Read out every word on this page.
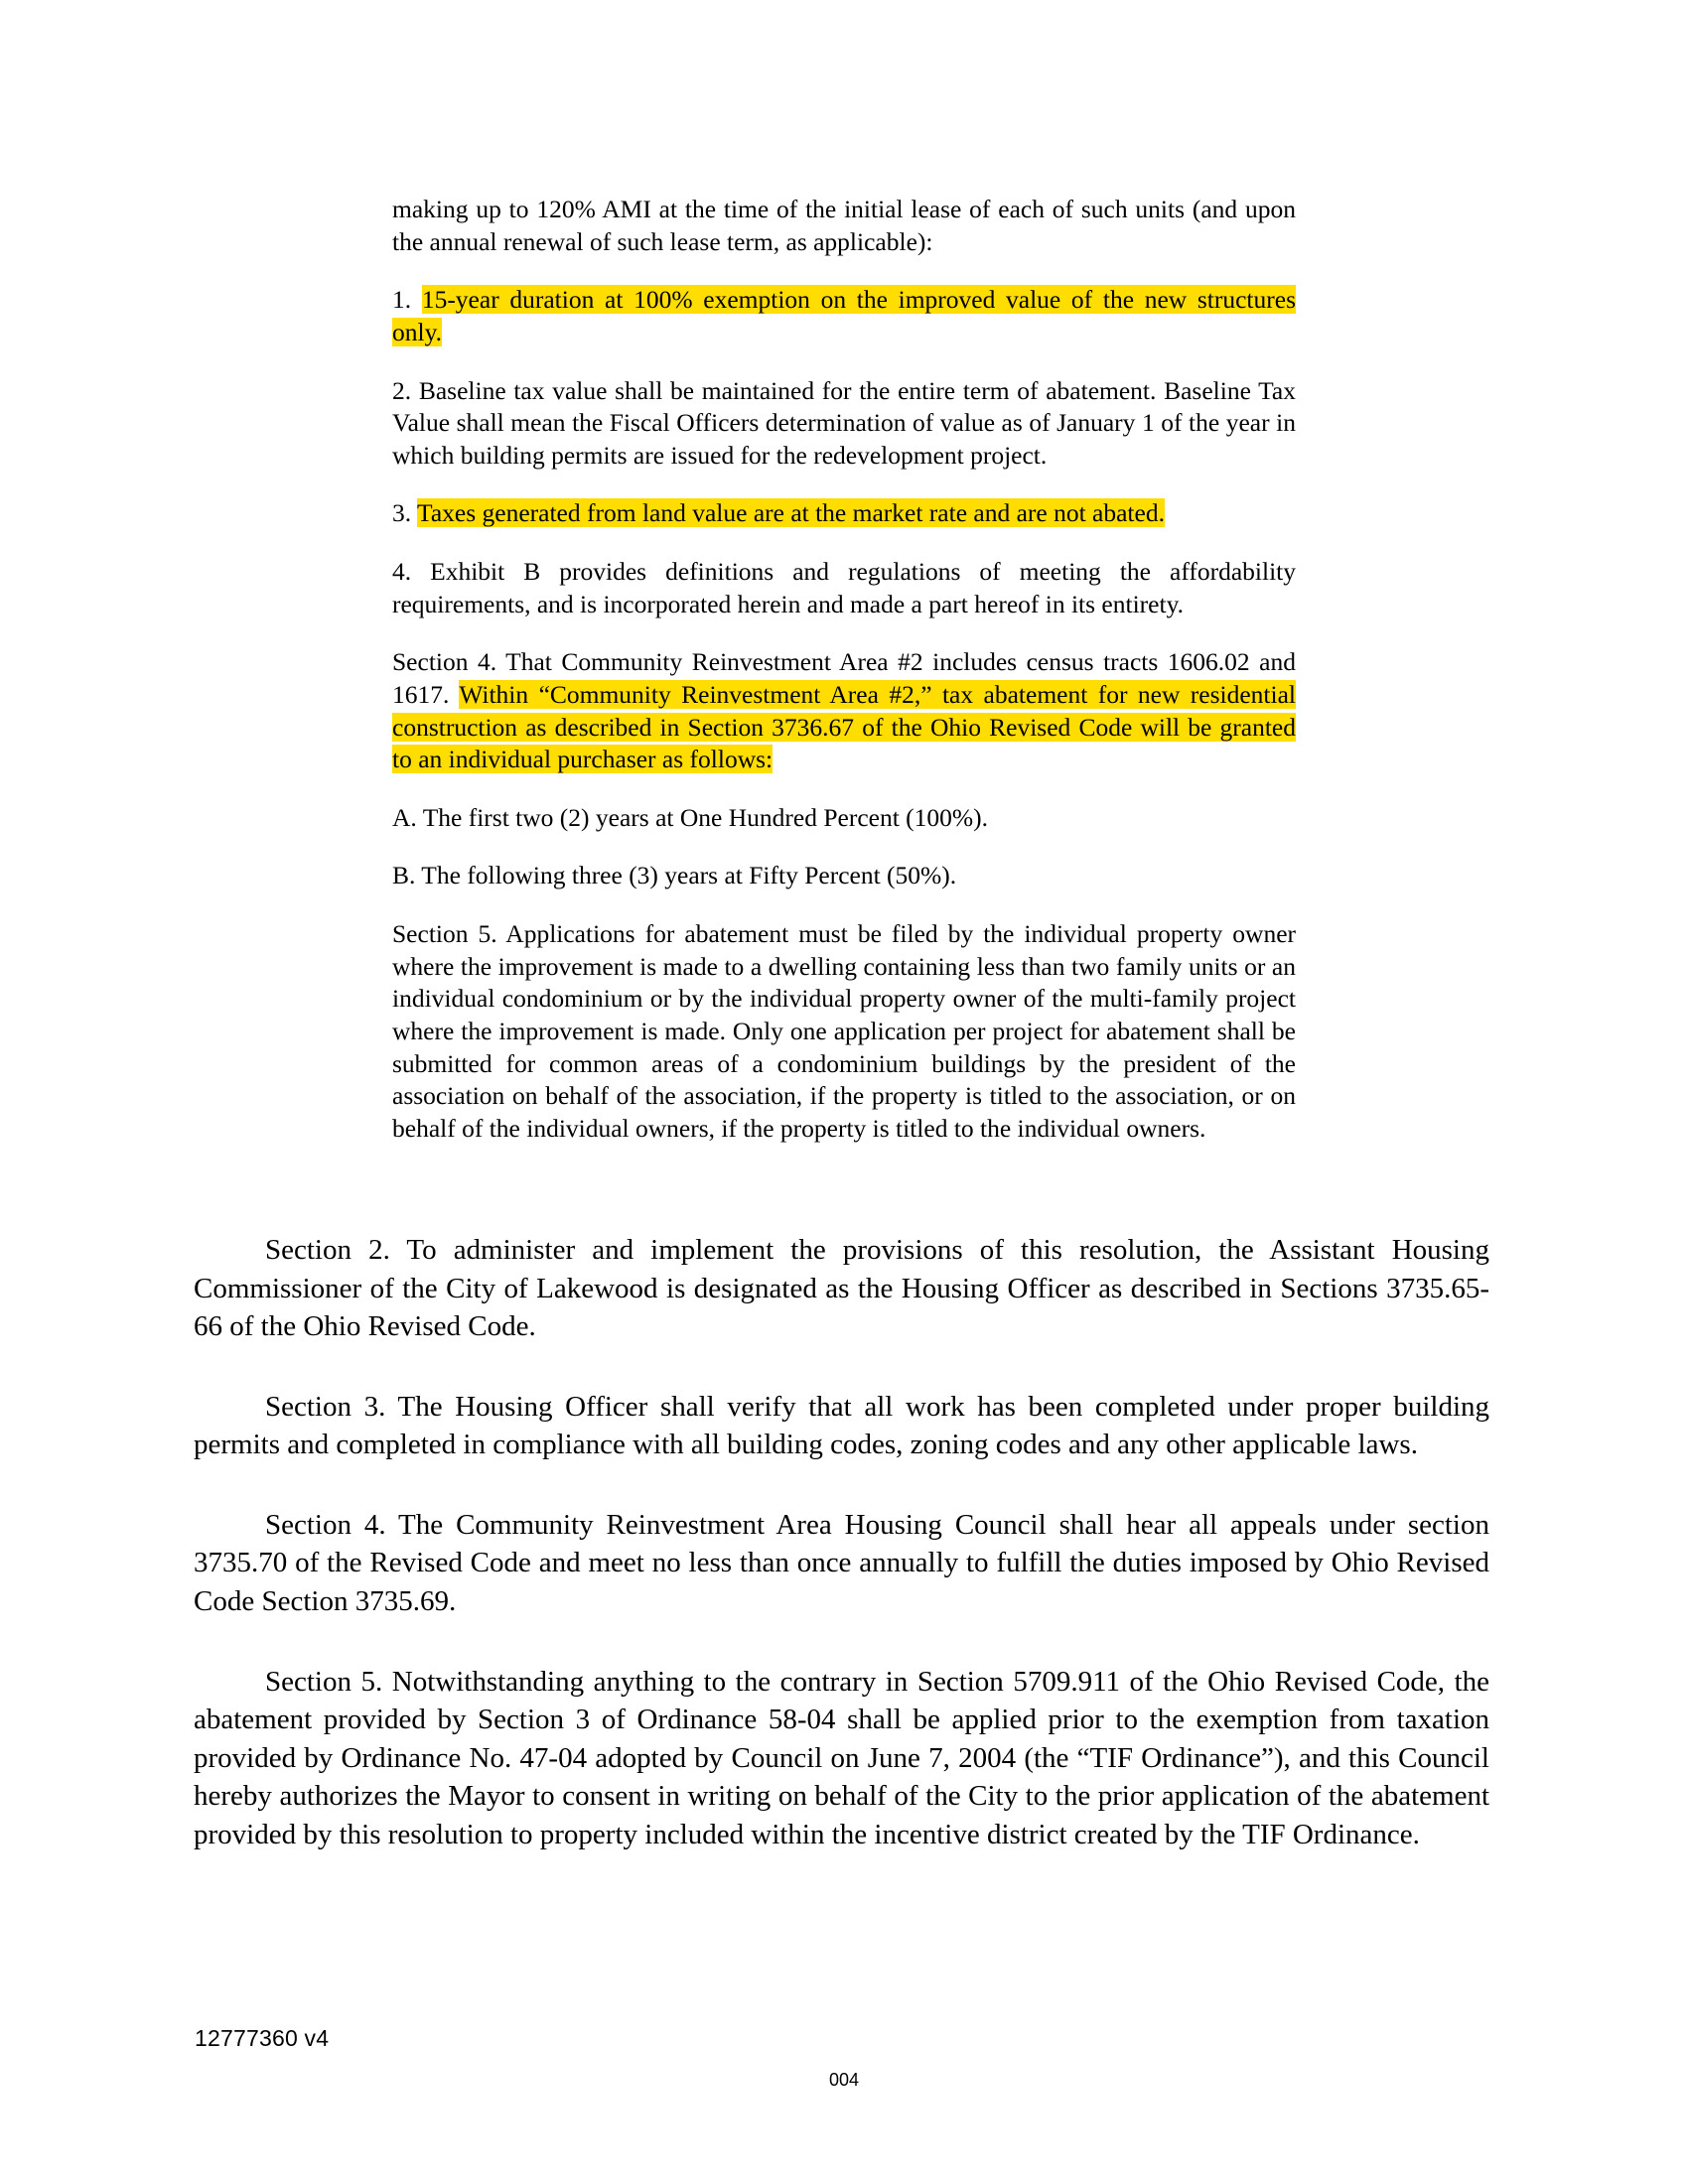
making up to 120% AMI at the time of the initial lease of each of such units (and upon the annual renewal of such lease term, as applicable):

1. 15-year duration at 100% exemption on the improved value of the new structures only.

2. Baseline tax value shall be maintained for the entire term of abatement. Baseline Tax Value shall mean the Fiscal Officers determination of value as of January 1 of the year in which building permits are issued for the redevelopment project.

3. Taxes generated from land value are at the market rate and are not abated.

4. Exhibit B provides definitions and regulations of meeting the affordability requirements, and is incorporated herein and made a part hereof in its entirety.

Section 4. That Community Reinvestment Area #2 includes census tracts 1606.02 and 1617. Within “Community Reinvestment Area #2,” tax abatement for new residential construction as described in Section 3736.67 of the Ohio Revised Code will be granted to an individual purchaser as follows:

A. The first two (2) years at One Hundred Percent (100%).

B. The following three (3) years at Fifty Percent (50%).

Section 5. Applications for abatement must be filed by the individual property owner where the improvement is made to a dwelling containing less than two family units or an individual condominium or by the individual property owner of the multi-family project where the improvement is made. Only one application per project for abatement shall be submitted for common areas of a condominium buildings by the president of the association on behalf of the association, if the property is titled to the association, or on behalf of the individual owners, if the property is titled to the individual owners.

Section 2. To administer and implement the provisions of this resolution, the Assistant Housing Commissioner of the City of Lakewood is designated as the Housing Officer as described in Sections 3735.65-66 of the Ohio Revised Code.

Section 3. The Housing Officer shall verify that all work has been completed under proper building permits and completed in compliance with all building codes, zoning codes and any other applicable laws.

Section 4. The Community Reinvestment Area Housing Council shall hear all appeals under section 3735.70 of the Revised Code and meet no less than once annually to fulfill the duties imposed by Ohio Revised Code Section 3735.69.

Section 5. Notwithstanding anything to the contrary in Section 5709.911 of the Ohio Revised Code, the abatement provided by Section 3 of Ordinance 58-04 shall be applied prior to the exemption from taxation provided by Ordinance No. 47-04 adopted by Council on June 7, 2004 (the “TIF Ordinance”), and this Council hereby authorizes the Mayor to consent in writing on behalf of the City to the prior application of the abatement provided by this resolution to property included within the incentive district created by the TIF Ordinance.

12777360 v4
004
